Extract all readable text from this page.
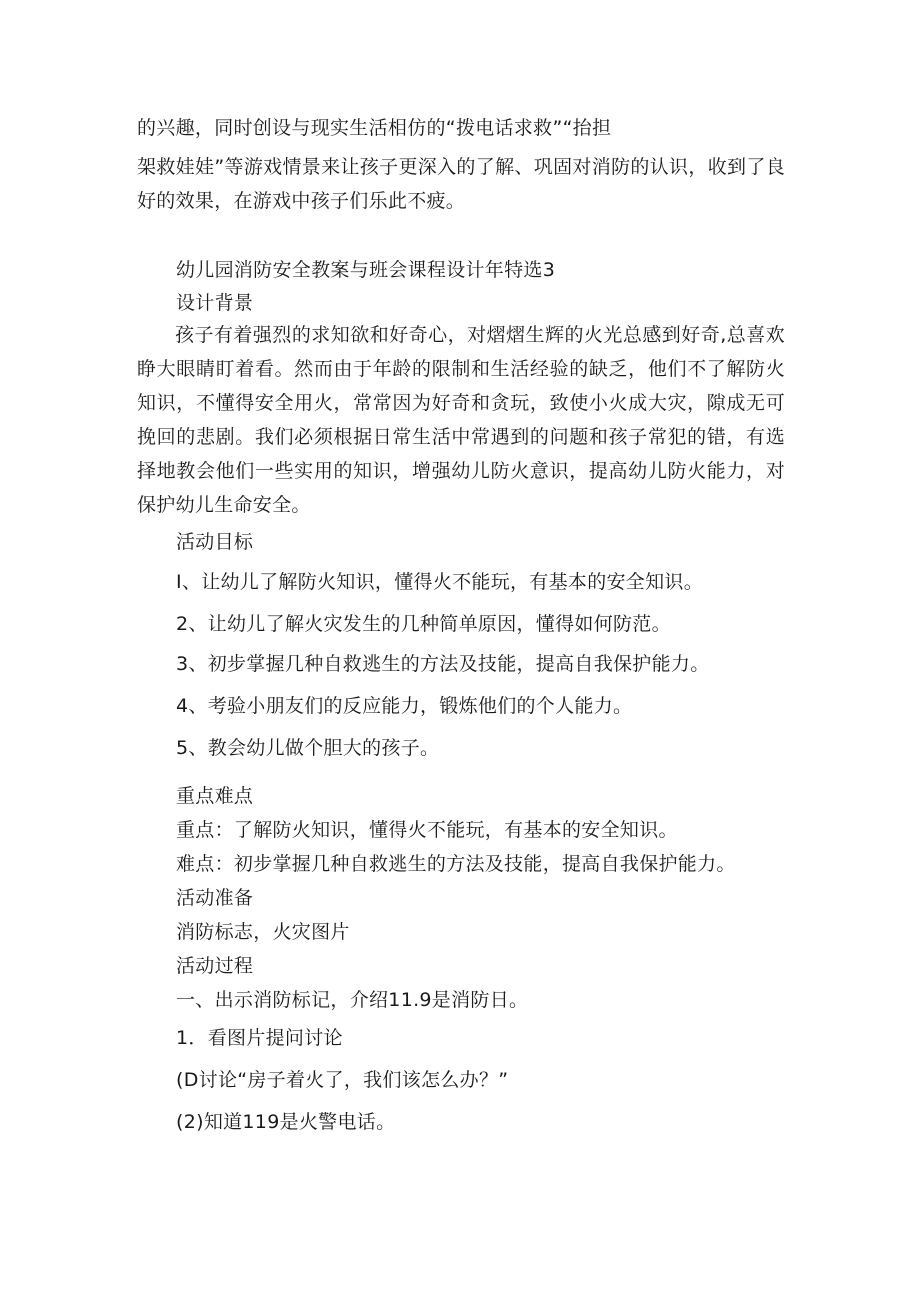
的兴趣，同时创设与现实生活相仿的“拨电话求救”“抬担
架救娃娃”等游戏情景来让孩子更深入的了解、巩固对消防的认识，收到了良好的效果，在游戏中孩子们乐此不疲。
幼儿园消防安全教案与班会课程设计年特选3
设计背景
孩子有着强烈的求知欲和好奇心，对熠熠生辉的火光总感到好奇,总喜欢睁大眼睛盯着看。然而由于年龄的限制和生活经验的缺乏，他们不了解防火知识，不懂得安全用火，常常因为好奇和贪玩，致使小火成大灾，隙成无可挽回的悲剧。我们必须根据日常生活中常遇到的问题和孩子常犯的错，有选择地教会他们一些实用的知识，增强幼儿防火意识，提高幼儿防火能力，对保护幼儿生命安全。
活动目标
I、让幼儿了解防火知识，懂得火不能玩，有基本的安全知识。
2、让幼儿了解火灾发生的几种简单原因，懂得如何防范。
3、初步掌握几种自救逃生的方法及技能，提高自我保护能力。
4、考验小朋友们的反应能力，锻炼他们的个人能力。
5、教会幼儿做个胆大的孩子。
重点难点
重点：了解防火知识，懂得火不能玩，有基本的安全知识。
难点：初步掌握几种自救逃生的方法及技能，提高自我保护能力。
活动准备
消防标志，火灾图片
活动过程
一、出示消防标记，介绍11.9是消防日。
1．看图片提问讨论
(D讨论“房子着火了，我们该怎么办？”
(2)知道119是火警电话。
